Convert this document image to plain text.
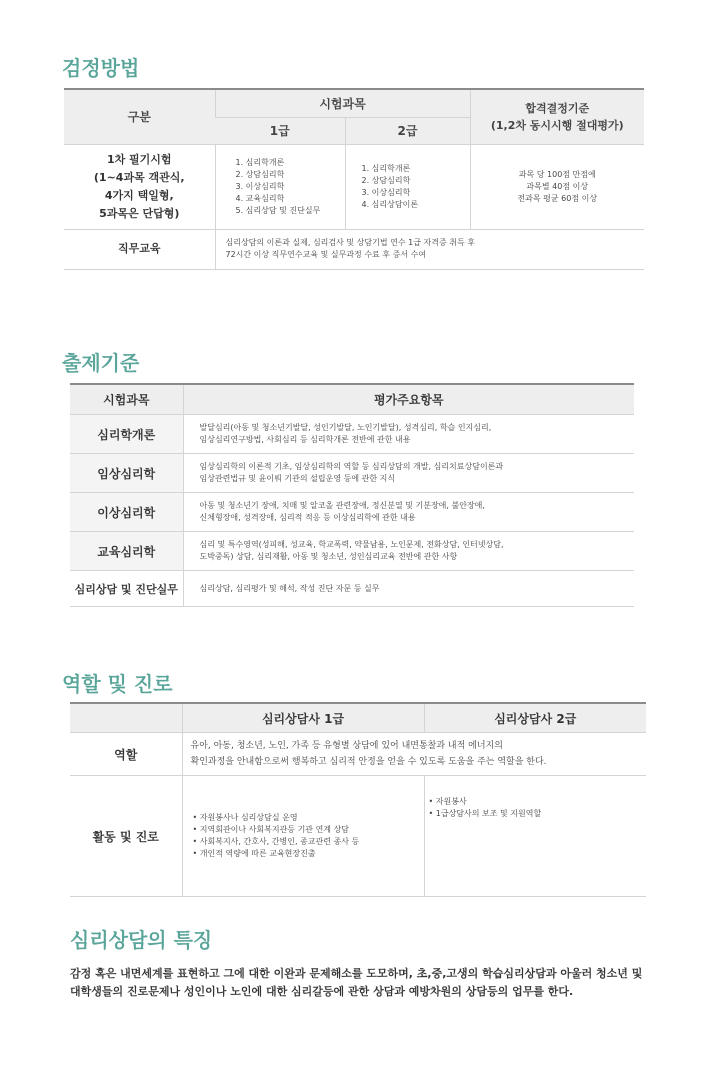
검정방법
구분	시험과목		합격결정기준
(1,2차 동시시행 절대평가)
	1급	2급	
1차 필기시험
(1~4과목 객관식,
4가지 택일형,
5과목은 단답형)	1. 심리학개론
2. 상담심리학
3. 이상심리학
4. 교육심리학
5. 심리상담 및 진단실무	1. 심리학개론
2. 상담심리학
3. 이상심리학
4. 심리상담이론	과목 당 100점 만점에
과목별 40점 이상
전과목 평균 60점 이상
직무교육	심리상담의 이론과 실제, 심리검사 및 상담기법 연수 1급 자격증 취득 후
72시간 이상 직무연수교육 및 실무과정 수료 후 증서 수여		
출제기준
시험과목	평가주요항목
심리학개론	발달심리(아동 및 청소년기발달, 성인기발달, 노인기발달), 성격심리, 학습 인지심리,
임상심리연구방법, 사회심리 등 심리학개론 전반에 관한 내용
임상심리학	임상심리학의 이론적 기초, 임상심리학의 역할 등 심리상담의 개발, 심리치료상담이론과
임상관련법규 및 윤이뤄 기관의 설립운영 등에 관한 지식
이상심리학	아동 및 청소년기 장애, 치매 및 알코올 관련장애, 정신분열 및 기분장애, 불안장애,
신체형장애, 성격장애, 심리적 적응 등 이상심리학에 관한 내용
교육심리학	심리 및 특수영역(성피해, 성교육, 학교폭력, 약물남용, 노인문제, 전화상담, 인터넷상담,
도박중독) 상담, 심리재활, 아동 및 청소년, 성인심리교육 전반에 관한 사항
심리상담 및 진단실무	심리상담, 심리평가 및 해석, 작성 진단 자문 등 실무
역할 및 진로
	심리상담사 1급	심리상담사 2급
역할	유아, 아동, 청소년, 노인, 가족 등 유형별 상담에 있어 내면통찰과 내적 에너지의
확인과정을 안내함으로써 행복하고 심리적 안정을 얻을 수 있도록 도움을 주는 역할을 한다.	
활동 및 진로	• 자원봉사나 심리상담실 운영
• 지역회관이나 사회복지관등 기관 연계 상담
• 사회복지사, 간호사, 간병인, 종교관련 종사 등
• 개인적 역량에 따른 교육현장진출	• 자원봉사
• 1급상담사의 보조 및 지원역할
심리상담의 특징

감정 혹은 내면세계를 표현하고 그에 대한 이완과 문제해소를 도모하며, 초,중,고생의 학습심리상담과 아울러 청소년 및 대학생들의 진로문제나 성인이나 노인에 대한 심리갈등에 관한 상담과 예방차원의 상담등의 업무를 한다.
